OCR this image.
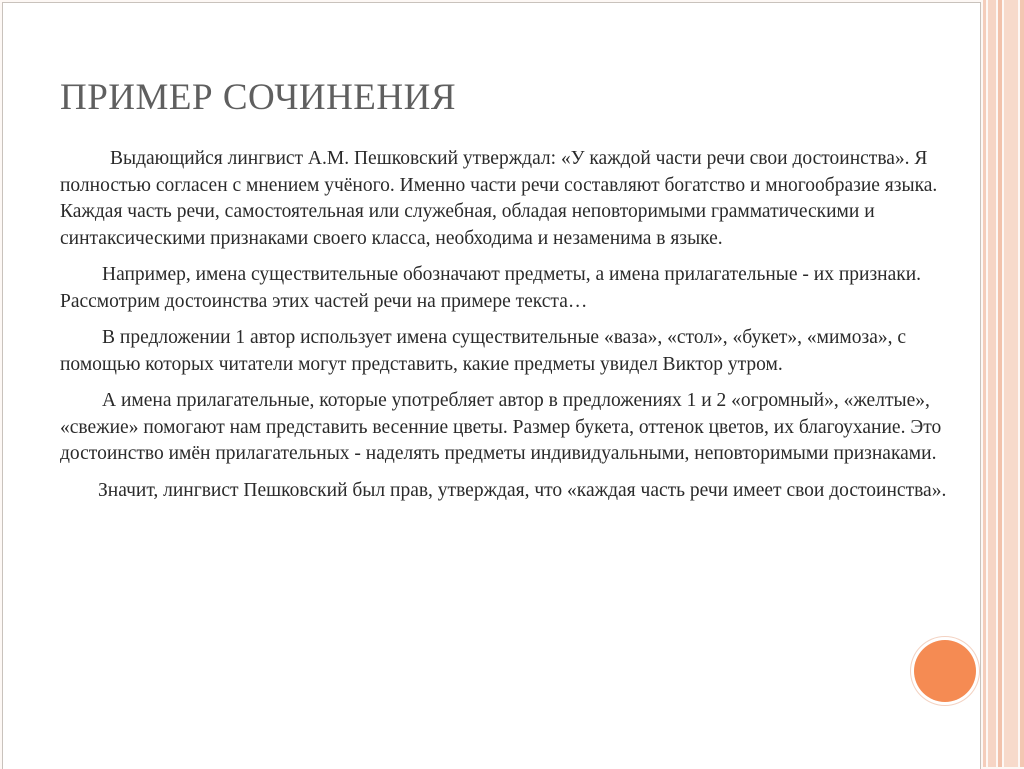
ПРИМЕР СОЧИНЕНИЯ

Выдающийся лингвист А.М. Пешковский утверждал: «У каждой части речи свои достоинства». Я полностью согласен с мнением учёного. Именно части речи составляют богатство и многообразие языка. Каждая часть речи, самостоятельная или служебная, обладая неповторимыми грамматическими и синтаксическими признаками своего класса, необходима и незаменима в языке.

Например, имена существительные обозначают предметы, а имена прилагательные - их признаки. Рассмотрим достоинства этих частей речи на примере текста…

В предложении 1 автор использует имена существительные «ваза», «стол», «букет», «мимоза», с помощью которых читатели могут представить, какие предметы увидел Виктор утром.

А имена прилагательные, которые употребляет автор в предложениях 1 и 2 «огромный», «желтые», «свежие» помогают нам представить весенние цветы. Размер букета, оттенок цветов, их благоухание. Это достоинство имён прилагательных - наделять предметы индивидуальными, неповторимыми признаками.

Значит, лингвист Пешковский был прав, утверждая, что «каждая часть речи имеет свои достоинства».
